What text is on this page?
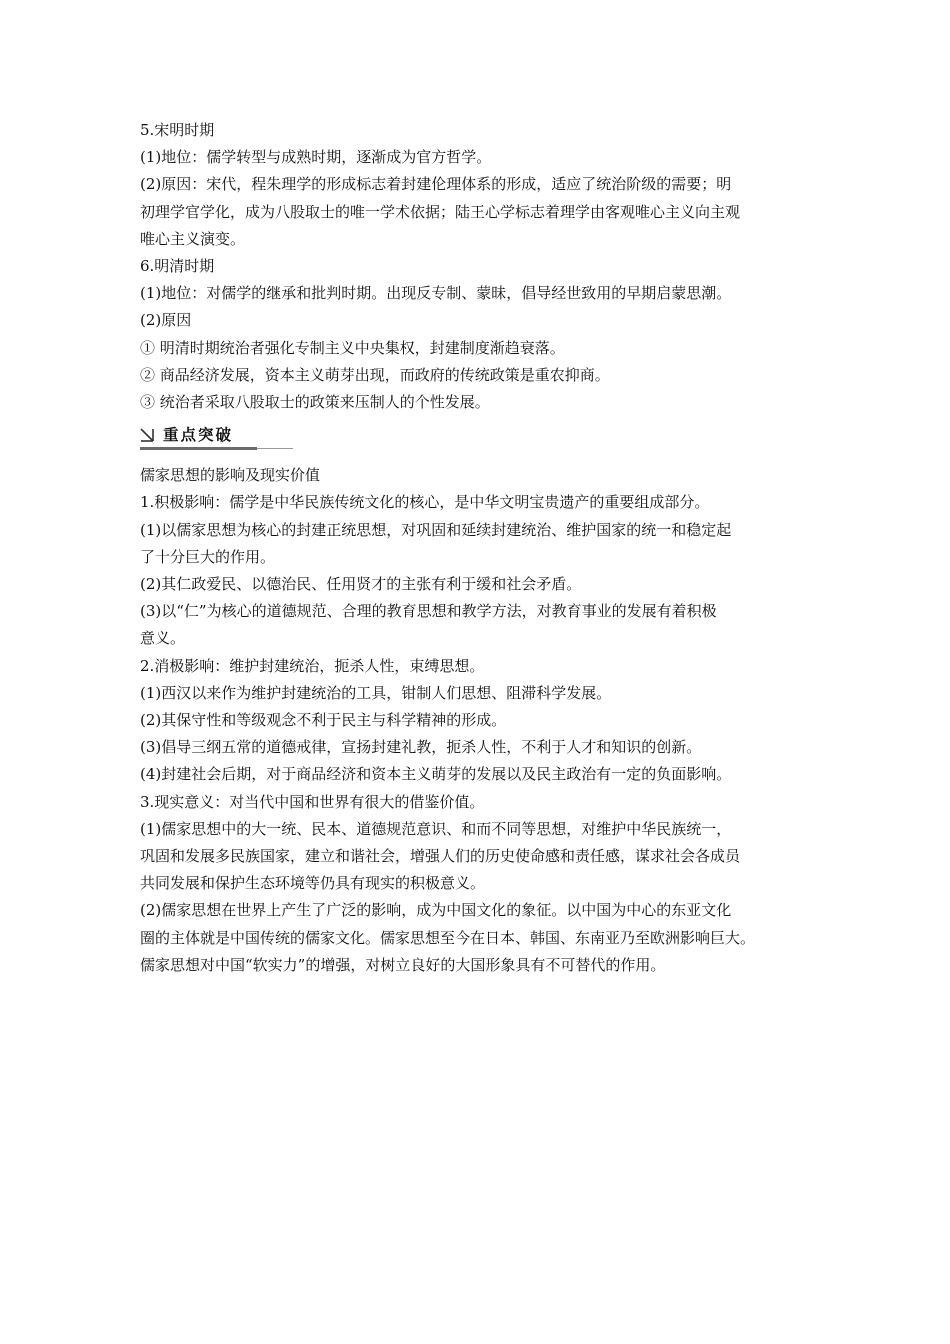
5.宋明时期

(1)地位：儒学转型与成熟时期，逐渐成为官方哲学。

(2)原因：宋代，程朱理学的形成标志着封建伦理体系的形成，适应了统治阶级的需要；明

初理学官学化，成为八股取士的唯一学术依据；陆王心学标志着理学由客观唯心主义向主观

唯心主义演变。

6.明清时期

(1)地位：对儒学的继承和批判时期。出现反专制、蒙昧，倡导经世致用的早期启蒙思潮。

(2)原因

① 明清时期统治者强化专制主义中央集权，封建制度渐趋衰落。

② 商品经济发展，资本主义萌芽出现，而政府的传统政策是重农抑商。

③ 统治者采取八股取士的政策来压制人的个性发展。

重点突破

儒家思想的影响及现实价值

1.积极影响：儒学是中华民族传统文化的核心，是中华文明宝贵遗产的重要组成部分。

(1)以儒家思想为核心的封建正统思想，对巩固和延续封建统治、维护国家的统一和稳定起

了十分巨大的作用。

(2)其仁政爱民、以德治民、任用贤才的主张有利于缓和社会矛盾。

(3)以“仁”为核心的道德规范、合理的教育思想和教学方法，对教育事业的发展有着积极

意义。

2.消极影响：维护封建统治，扼杀人性，束缚思想。

(1)西汉以来作为维护封建统治的工具，钳制人们思想、阻滞科学发展。

(2)其保守性和等级观念不利于民主与科学精神的形成。

(3)倡导三纲五常的道德戒律，宣扬封建礼教，扼杀人性，不利于人才和知识的创新。

(4)封建社会后期，对于商品经济和资本主义萌芽的发展以及民主政治有一定的负面影响。

3.现实意义：对当代中国和世界有很大的借鉴价值。

(1)儒家思想中的大一统、民本、道德规范意识、和而不同等思想，对维护中华民族统一，

巩固和发展多民族国家，建立和谐社会，增强人们的历史使命感和责任感，谋求社会各成员

共同发展和保护生态环境等仍具有现实的积极意义。

(2)儒家思想在世界上产生了广泛的影响，成为中国文化的象征。以中国为中心的东亚文化

圈的主体就是中国传统的儒家文化。儒家思想至今在日本、韩国、东南亚乃至欧洲影响巨大。

儒家思想对中国“软实力”的增强，对树立良好的大国形象具有不可替代的作用。
